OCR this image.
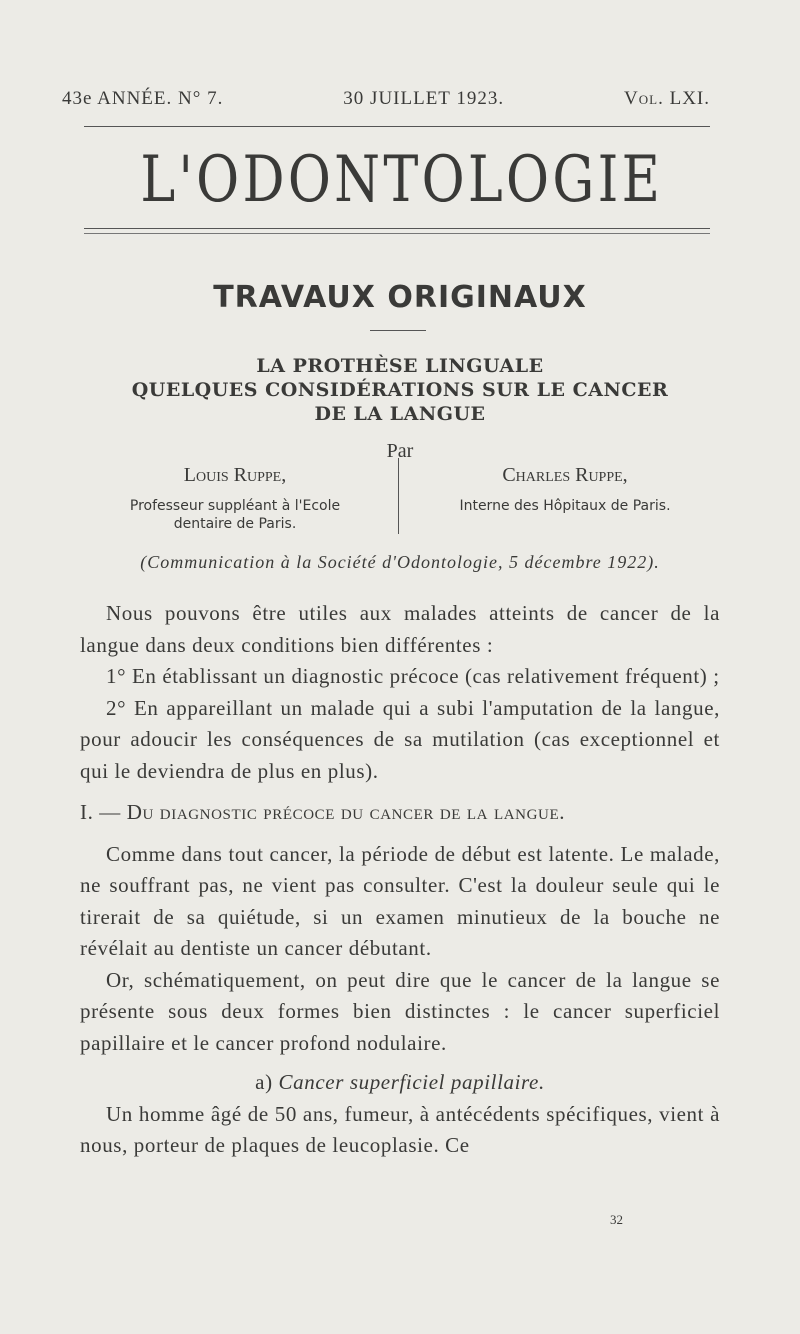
43e ANNÉE. N° 7.	30 JUILLET 1923.	Vol. LXI.
L'ODONTOLOGIE
TRAVAUX ORIGINAUX
LA PROTHÈSE LINGUALE
QUELQUES CONSIDÉRATIONS SUR LE CANCER
DE LA LANGUE
Par
Louis Ruppe,
Professeur suppléant à l'Ecole
dentaire de Paris.
Charles Ruppe,
Interne des Hôpitaux de Paris.
(Communication à la Société d'Odontologie, 5 décembre 1922).

Nous pouvons être utiles aux malades atteints de cancer de la langue dans deux conditions bien différentes :

1° En établissant un diagnostic précoce (cas relativement fréquent) ;

2° En appareillant un malade qui a subi l'amputation de la langue, pour adoucir les conséquences de sa mutilation (cas exceptionnel et qui le deviendra de plus en plus).

I. — Du diagnostic précoce du cancer de la langue.

Comme dans tout cancer, la période de début est latente. Le malade, ne souffrant pas, ne vient pas consulter. C'est la douleur seule qui le tirerait de sa quiétude, si un examen minutieux de la bouche ne révélait au dentiste un cancer débutant.

Or, schématiquement, on peut dire que le cancer de la langue se présente sous deux formes bien distinctes : le cancer superficiel papillaire et le cancer profond nodulaire.

a) Cancer superficiel papillaire.

Un homme âgé de 50 ans, fumeur, à antécédents spécifiques, vient à nous, porteur de plaques de leucoplasie. Ce

32
